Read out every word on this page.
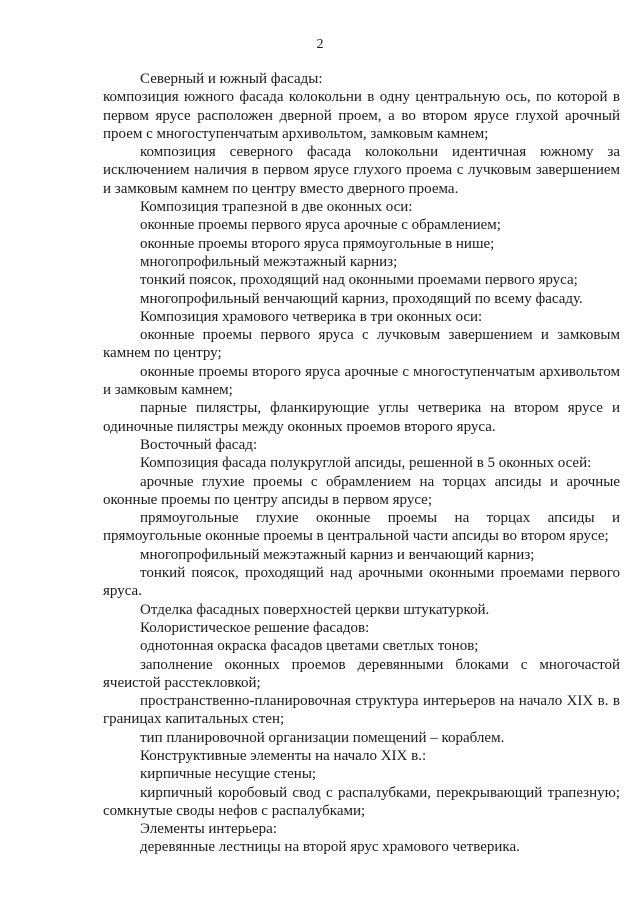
2

Северный и южный фасады:

композиция южного фасада колокольни в одну центральную ось, по которой в первом ярусе расположен дверной проем, а во втором ярусе глухой арочный проем с многоступенчатым архивольтом, замковым камнем;

композиция северного фасада колокольни идентичная южному за исключением наличия в первом ярусе глухого проема с лучковым завершением и замковым камнем по центру вместо дверного проема.

Композиция трапезной в две оконных оси:

оконные проемы первого яруса арочные с обрамлением;

оконные проемы второго яруса прямоугольные в нише;

многопрофильный межэтажный карниз;

тонкий поясок, проходящий над оконными проемами первого яруса;

многопрофильный венчающий карниз, проходящий по всему фасаду.

Композиция храмового четверика в три оконных оси:

оконные проемы первого яруса с лучковым завершением и замковым камнем по центру;

оконные проемы второго яруса арочные с многоступенчатым архивольтом и замковым камнем;

парные пилястры, фланкирующие углы четверика на втором ярусе и одиночные пилястры между оконных проемов второго яруса.

Восточный фасад:

Композиция фасада полукруглой апсиды, решенной в 5 оконных осей:

арочные глухие проемы с обрамлением на торцах апсиды и арочные оконные проемы по центру апсиды в первом ярусе;

прямоугольные глухие оконные проемы на торцах апсиды и прямоугольные оконные проемы в центральной части апсиды во втором ярусе;

многопрофильный межэтажный карниз и венчающий карниз;

тонкий поясок, проходящий над арочными оконными проемами первого яруса.

Отделка фасадных поверхностей церкви штукатуркой.

Колористическое решение фасадов:

однотонная окраска фасадов цветами светлых тонов;

заполнение оконных проемов деревянными блоками с многочастой ячеистой расстекловкой;

пространственно-планировочная структура интерьеров на начало XIX в. в границах капитальных стен;

тип планировочной организации помещений – кораблем.

Конструктивные элементы на начало XIX в.:

кирпичные несущие стены;

кирпичный коробовый свод с распалубками, перекрывающий трапезную; сомкнутые своды нефов с распалубками;

Элементы интерьера:

деревянные лестницы на второй ярус храмового четверика.
